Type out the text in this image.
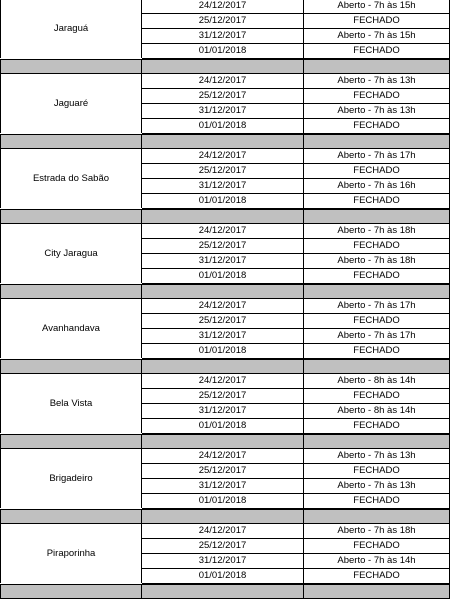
Jaraguá
24/12/2017	Aberto - 7h às 15h
25/12/2017	FECHADO
31/12/2017	Aberto - 7h às 15h
01/01/2018	FECHADO
Jaguaré
24/12/2017	Aberto - 7h às 13h
25/12/2017	FECHADO
31/12/2017	Aberto - 7h às 13h
01/01/2018	FECHADO
Estrada do Sabão
24/12/2017	Aberto - 7h às 17h
25/12/2017	FECHADO
31/12/2017	Aberto - 7h às 16h
01/01/2018	FECHADO
City Jaragua
24/12/2017	Aberto - 7h às 18h
25/12/2017	FECHADO
31/12/2017	Aberto - 7h às 18h
01/01/2018	FECHADO
Avanhandava
24/12/2017	Aberto - 7h às 17h
25/12/2017	FECHADO
31/12/2017	Aberto - 7h às 17h
01/01/2018	FECHADO
Bela Vista
24/12/2017	Aberto - 8h às 14h
25/12/2017	FECHADO
31/12/2017	Aberto - 8h às 14h
01/01/2018	FECHADO
Brigadeiro
24/12/2017	Aberto - 7h às 13h
25/12/2017	FECHADO
31/12/2017	Aberto - 7h às 13h
01/01/2018	FECHADO
Piraporinha
24/12/2017	Aberto - 7h às 18h
25/12/2017	FECHADO
31/12/2017	Aberto - 7h às 14h
01/01/2018	FECHADO
